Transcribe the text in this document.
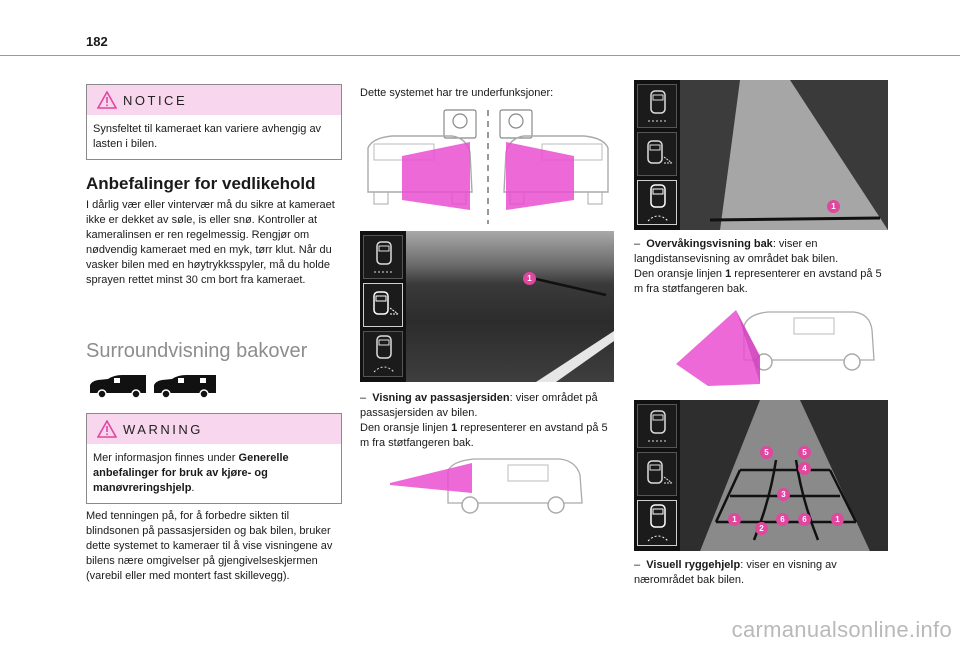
182
NOTICE
Synsfeltet til kameraet kan variere avhengig av lasten i bilen.
Anbefalinger for vedlikehold
I dårlig vær eller vintervær må du sikre at kameraet ikke er dekket av søle, is eller snø. Kontroller at kameralinsen er ren regelmessig. Rengjør om nødvendig kameraet med en myk, tørr klut. Når du vasker bilen med en høytrykksspyler, må du holde sprayen rettet minst 30 cm bort fra kameraet.
Surroundvisning bakover
WARNING
Mer informasjon finnes under Generelle anbefalinger for bruk av kjøre- og manøvreringshjelp.
Med tenningen på, for å forbedre sikten til blindsonen på passasjersiden og bak bilen, bruker dette systemet to kameraer til å vise visningene av bilens nære omgivelser på gjengivelseskjermen (varebil eller med montert fast skillevegg).
Dette systemet har tre underfunksjoner:
1
– Visning av passasjersiden: viser området på passasjersiden av bilen.
Den oransje linjen 1 representerer en avstand på 5 m fra støtfangeren bak.
1
– Overvåkingsvisning bak: viser en langdistansevisning av området bak bilen.
Den oransje linjen 1 representerer en avstand på 5 m fra støtfangeren bak.
5	5
4
3
1
2
6	6	1
– Visuell ryggehjelp: viser en visning av nærområdet bak bilen.
carmanualsonline.info
